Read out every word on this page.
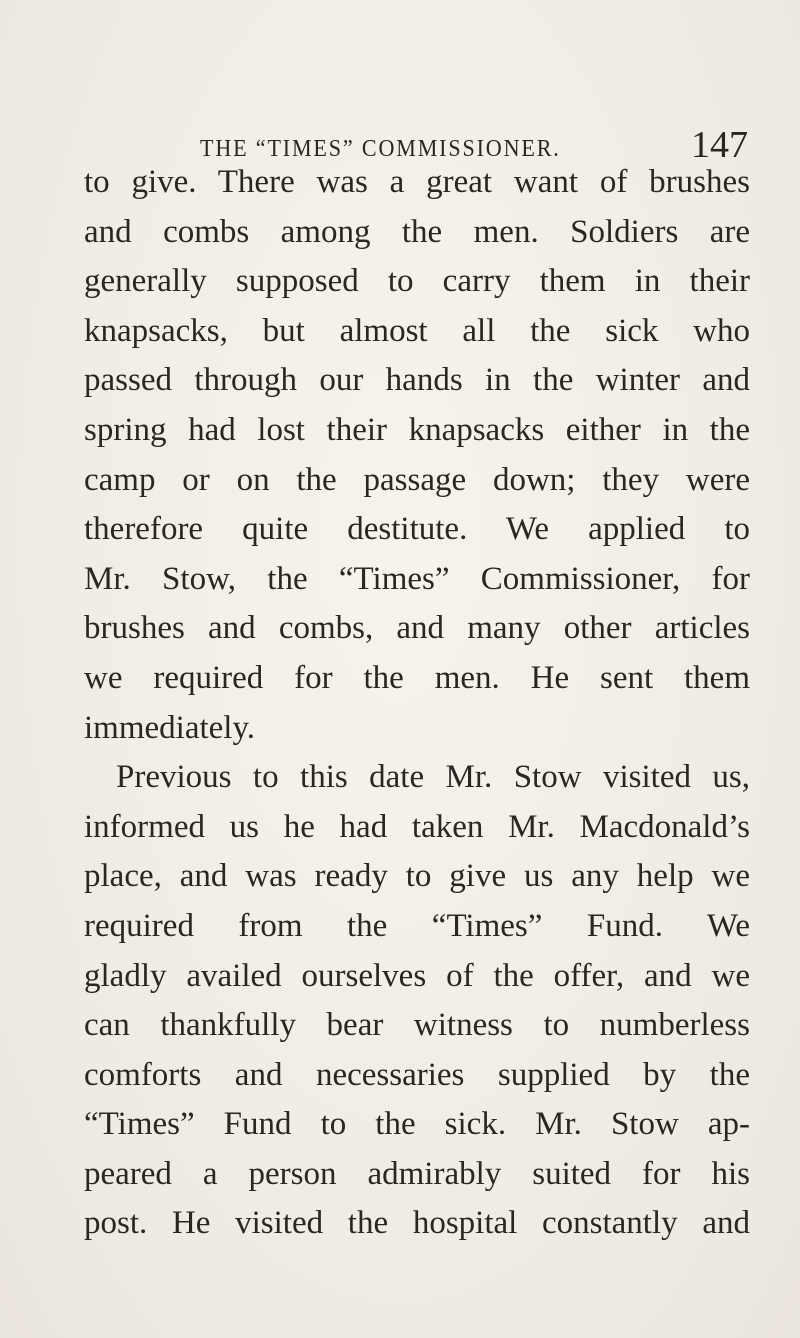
THE “TIMES” COMMISSIONER.	147
to give. There was a great want of brushes
and combs among the men. Soldiers are
generally supposed to carry them in their
knapsacks, but almost all the sick who
passed through our hands in the winter and
spring had lost their knapsacks either in the
camp or on the passage down; they were
therefore quite destitute. We applied to
Mr. Stow, the “Times” Commissioner, for
brushes and combs, and many other articles
we required for the men. He sent them
immediately.
Previous to this date Mr. Stow visited us,
informed us he had taken Mr. Macdonald’s
place, and was ready to give us any help we
required from the “Times” Fund. We
gladly availed ourselves of the offer, and we
can thankfully bear witness to numberless
comforts and necessaries supplied by the
“Times” Fund to the sick. Mr. Stow ap-
peared a person admirably suited for his
post. He visited the hospital constantly and
